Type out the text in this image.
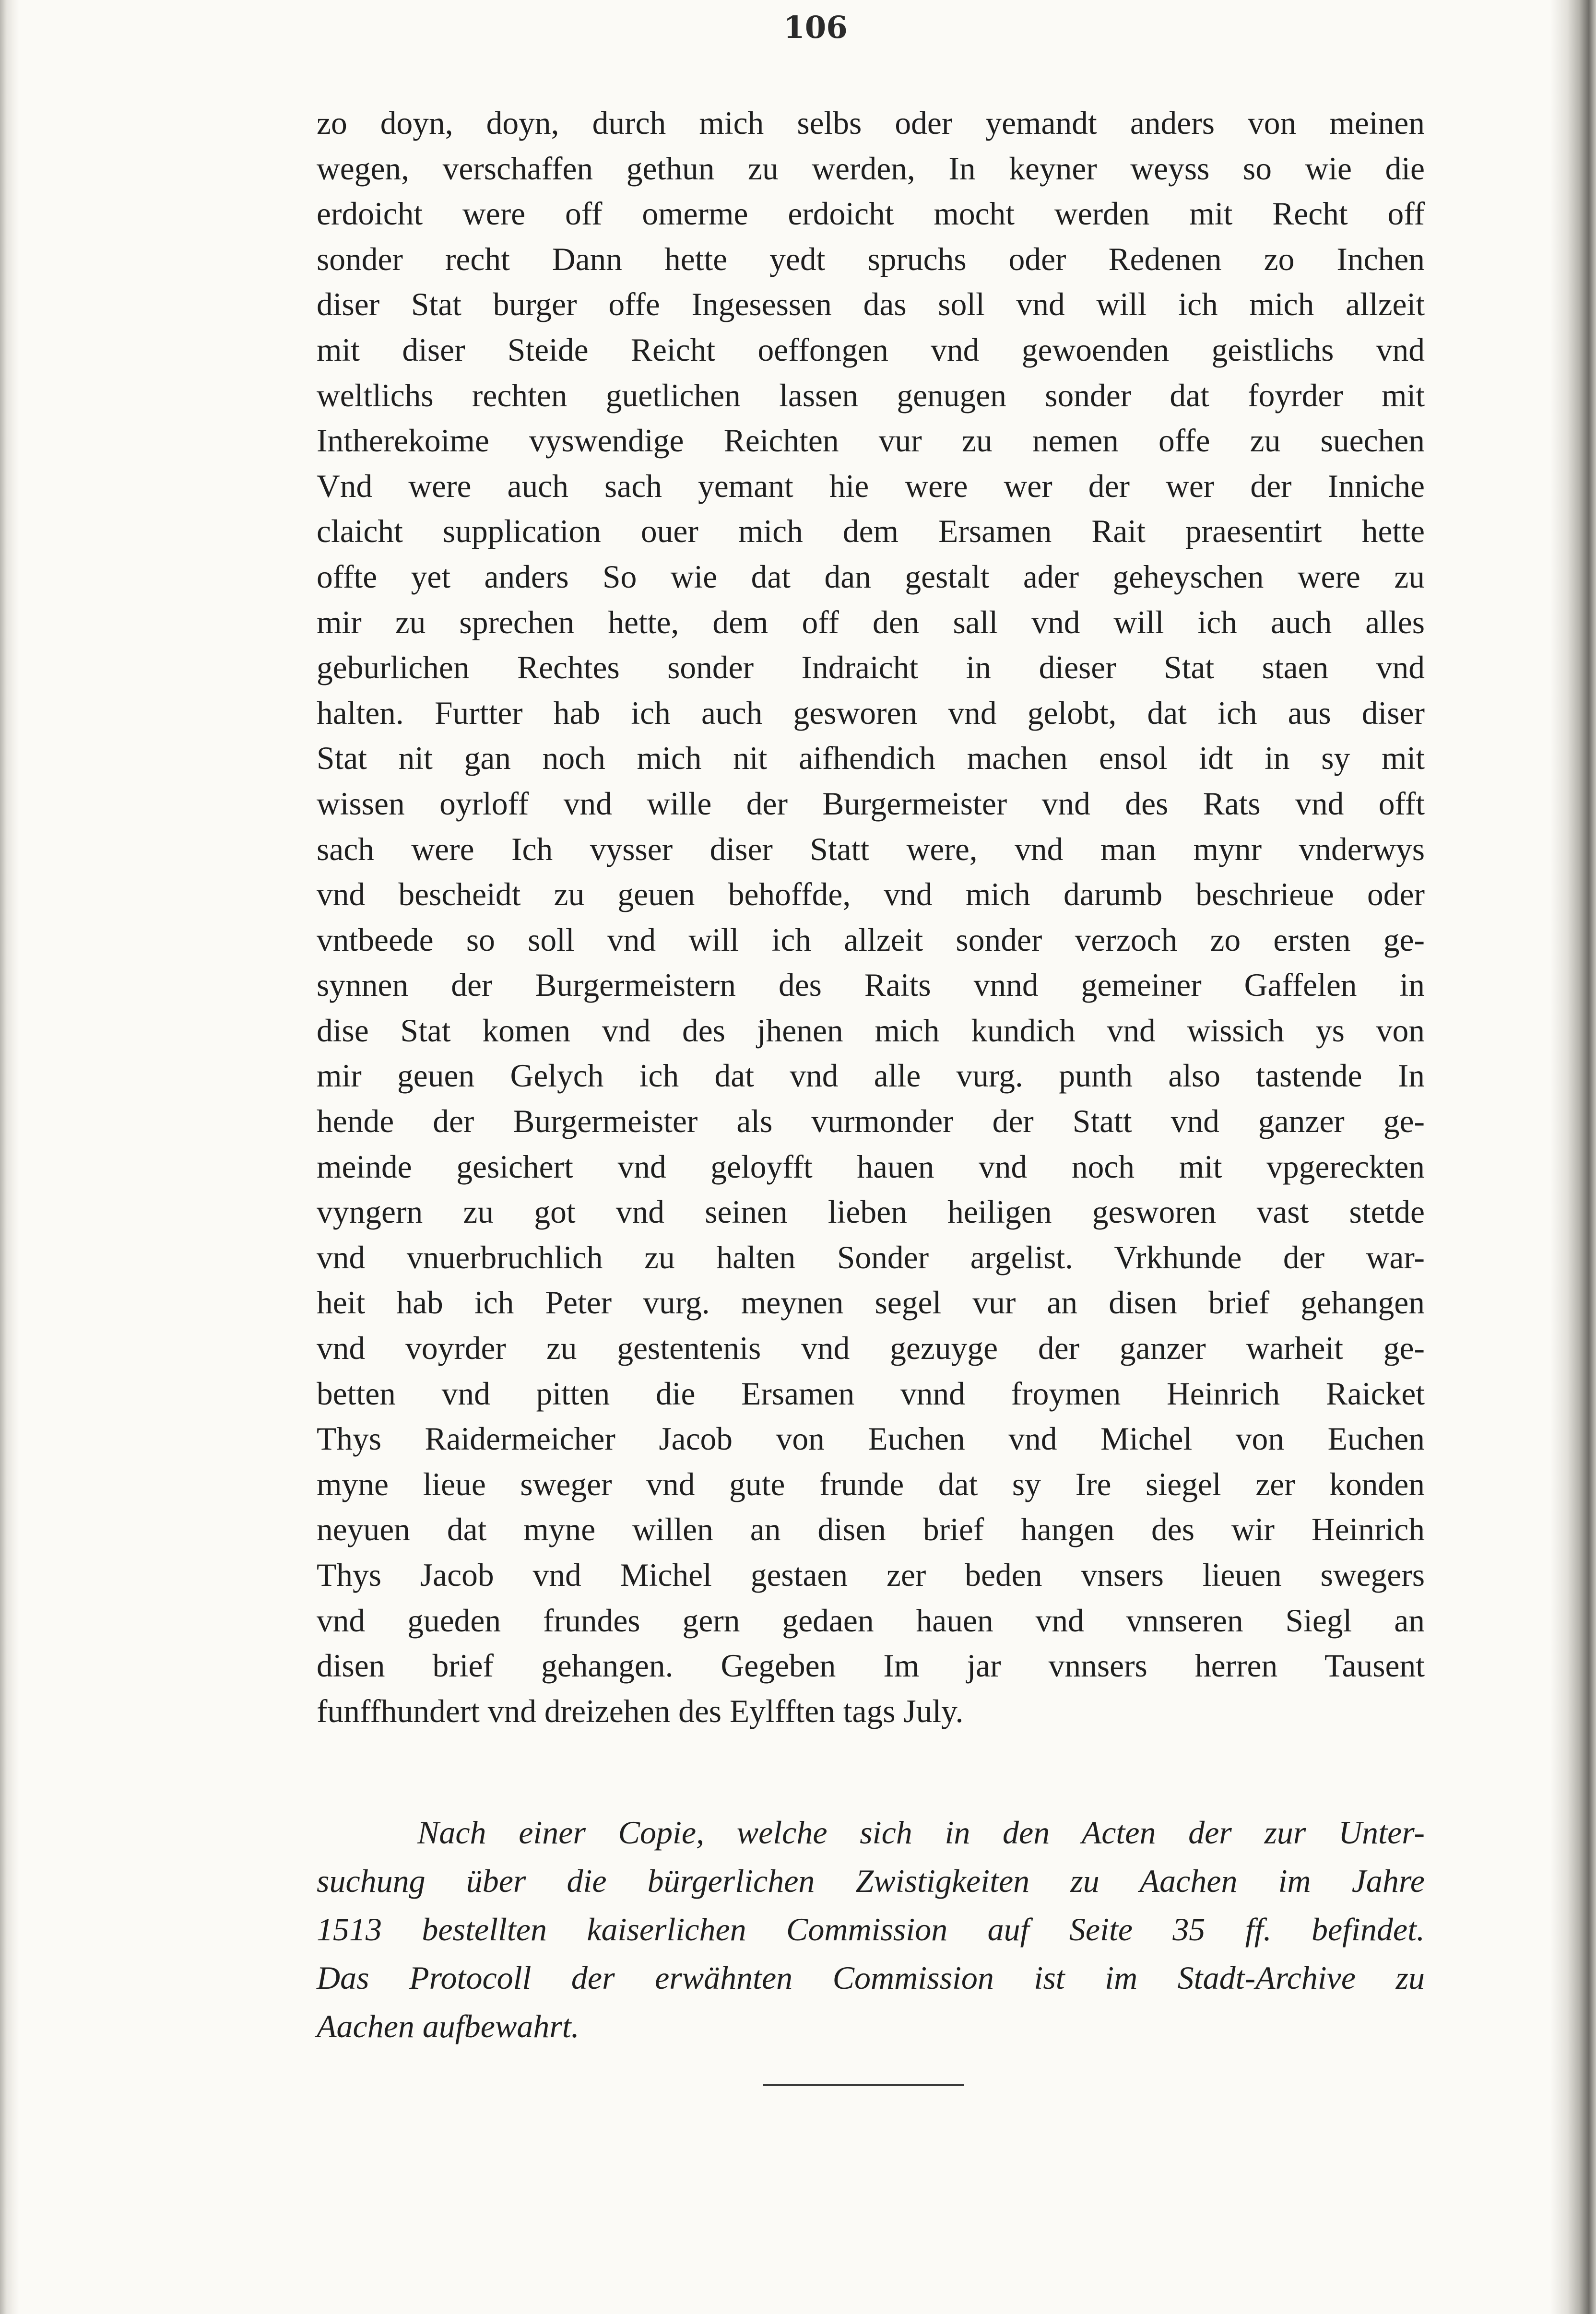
106
zo doyn, doyn, durch mich selbs oder yemandt anders von meinen
wegen, verschaffen gethun zu werden, In keyner weyss so wie die
erdoicht were off omerme erdoicht mocht werden mit Recht off
sonder recht Dann hette yedt spruchs oder Redenen zo Inchen
diser Stat burger offe Ingesessen das soll vnd will ich mich allzeit
mit diser Steide Reicht oeffongen vnd gewoenden geistlichs vnd
weltlichs rechten guetlichen lassen genugen sonder dat foyrder mit
Intherekoime vyswendige Reichten vur zu nemen offe zu suechen
Vnd were auch sach yemant hie were wer der wer der Inniche
claicht supplication ouer mich dem Ersamen Rait praesentirt hette
offte yet anders So wie dat dan gestalt ader geheyschen were zu
mir zu sprechen hette, dem off den sall vnd will ich auch alles
geburlichen Rechtes sonder Indraicht in dieser Stat staen vnd
halten. Furtter hab ich auch gesworen vnd gelobt, dat ich aus diser
Stat nit gan noch mich nit aifhendich machen ensol idt in sy mit
wissen oyrloff vnd wille der Burgermeister vnd des Rats vnd offt
sach were Ich vysser diser Statt were, vnd man mynr vnderwys
vnd bescheidt zu geuen behoffde, vnd mich darumb beschrieue oder
vntbeede so soll vnd will ich allzeit sonder verzoch zo ersten ge-
synnen der Burgermeistern des Raits vnnd gemeiner Gaffelen in
dise Stat komen vnd des jhenen mich kundich vnd wissich ys von
mir geuen Gelych ich dat vnd alle vurg. punth also tastende In
hende der Burgermeister als vurmonder der Statt vnd ganzer ge-
meinde gesichert vnd geloyfft hauen vnd noch mit vpgereckten
vyngern zu got vnd seinen lieben heiligen gesworen vast stetde
vnd vnuerbruchlich zu halten Sonder argelist. Vrkhunde der war-
heit hab ich Peter vurg. meynen segel vur an disen brief gehangen
vnd voyrder zu gestentenis vnd gezuyge der ganzer warheit ge-
betten vnd pitten die Ersamen vnnd froymen Heinrich Raicket
Thys Raidermeicher Jacob von Euchen vnd Michel von Euchen
myne lieue sweger vnd gute frunde dat sy Ire siegel zer konden
neyuen dat myne willen an disen brief hangen des wir Heinrich
Thys Jacob vnd Michel gestaen zer beden vnsers lieuen swegers
vnd gueden frundes gern gedaen hauen vnd vnnseren Siegl an
disen brief gehangen. Gegeben Im jar vnnsers herren Tausent
funffhundert vnd dreizehen des Eylfften tags July.
Nach einer Copie, welche sich in den Acten der zur Unter-
suchung über die bürgerlichen Zwistigkeiten zu Aachen im Jahre
1513 bestellten kaiserlichen Commission auf Seite 35 ff. befindet.
Das Protocoll der erwähnten Commission ist im Stadt-Archive zu
Aachen aufbewahrt.
